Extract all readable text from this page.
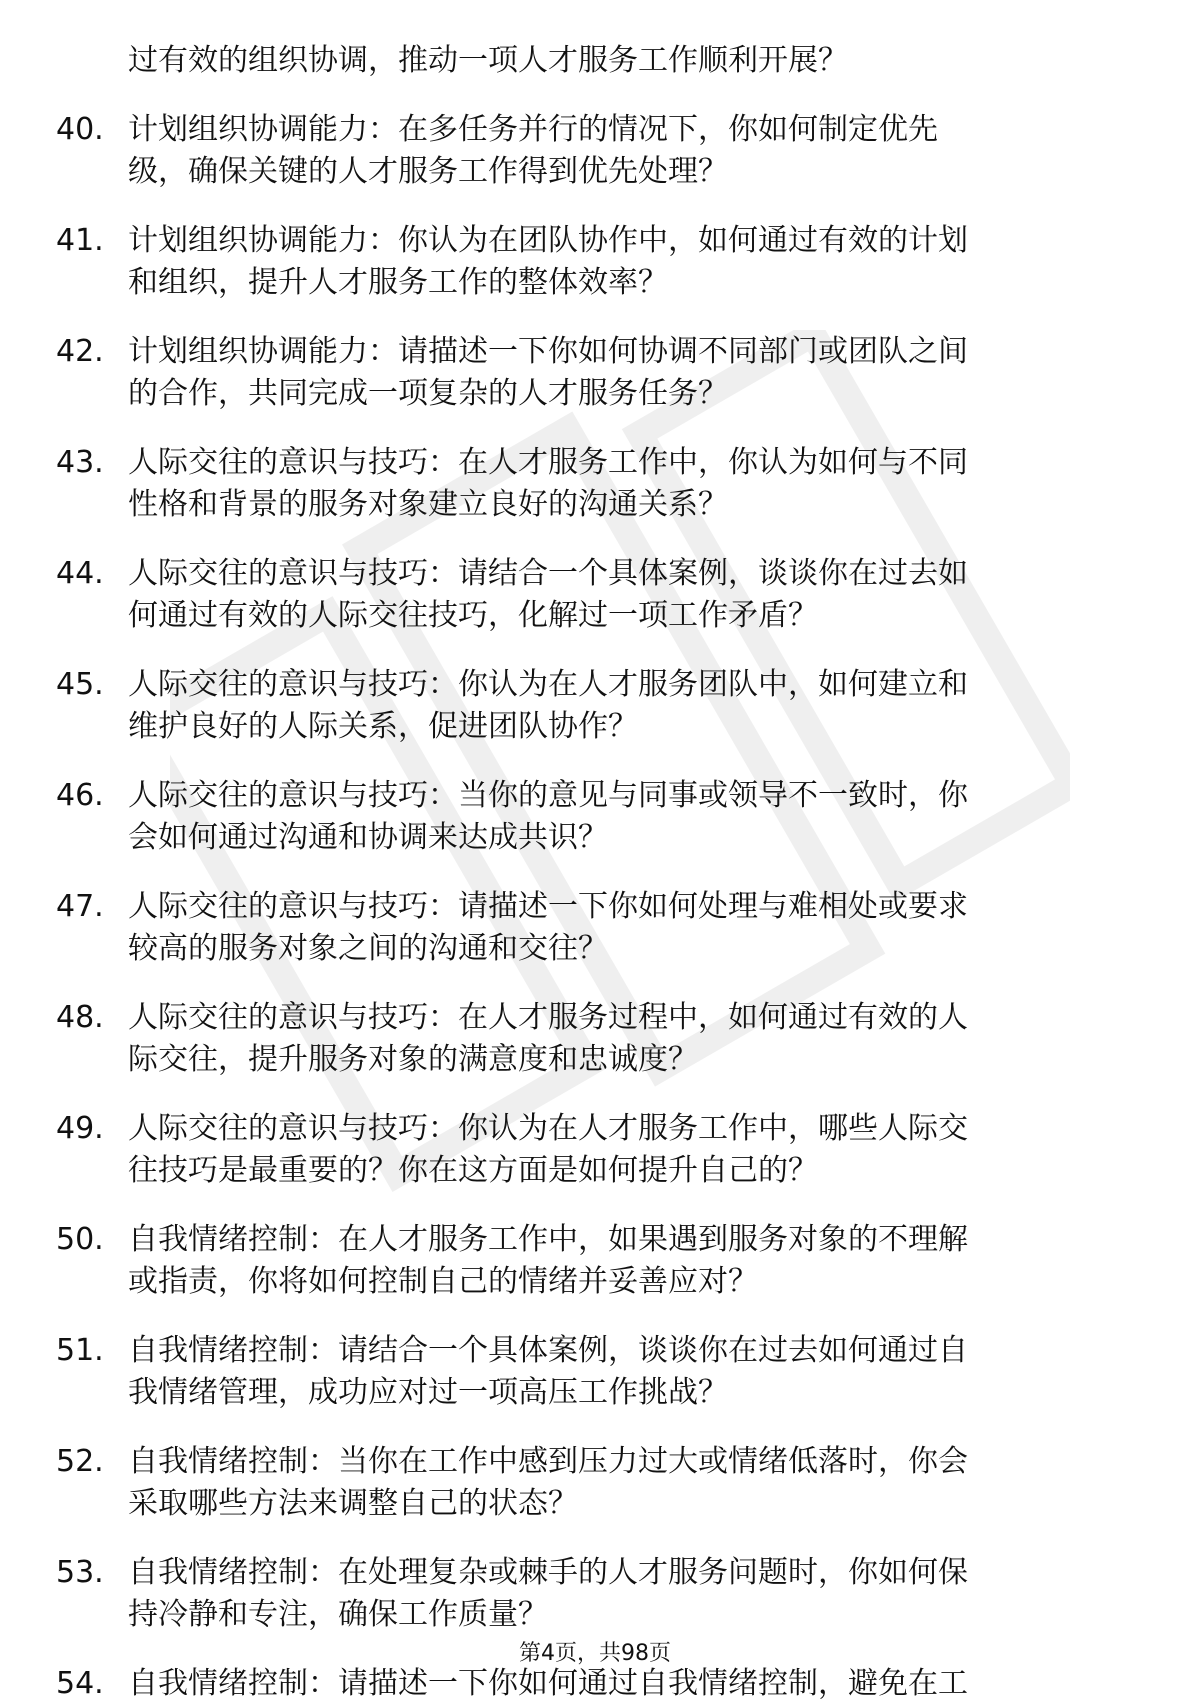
过有效的组织协调，推动一项人才服务工作顺利开展？
40. 计划组织协调能力：在多任务并行的情况下，你如何制定优先
级，确保关键的人才服务工作得到优先处理？
41. 计划组织协调能力：你认为在团队协作中，如何通过有效的计划
和组织，提升人才服务工作的整体效率？
42. 计划组织协调能力：请描述一下你如何协调不同部门或团队之间
的合作，共同完成一项复杂的人才服务任务？
43. 人际交往的意识与技巧：在人才服务工作中，你认为如何与不同
性格和背景的服务对象建立良好的沟通关系？
44. 人际交往的意识与技巧：请结合一个具体案例，谈谈你在过去如
何通过有效的人际交往技巧，化解过一项工作矛盾？
45. 人际交往的意识与技巧：你认为在人才服务团队中，如何建立和
维护良好的人际关系，促进团队协作？
46. 人际交往的意识与技巧：当你的意见与同事或领导不一致时，你
会如何通过沟通和协调来达成共识？
47. 人际交往的意识与技巧：请描述一下你如何处理与难相处或要求
较高的服务对象之间的沟通和交往？
48. 人际交往的意识与技巧：在人才服务过程中，如何通过有效的人
际交往，提升服务对象的满意度和忠诚度？
49. 人际交往的意识与技巧：你认为在人才服务工作中，哪些人际交
往技巧是最重要的？你在这方面是如何提升自己的？
50. 自我情绪控制：在人才服务工作中，如果遇到服务对象的不理解
或指责，你将如何控制自己的情绪并妥善应对？
51. 自我情绪控制：请结合一个具体案例，谈谈你在过去如何通过自
我情绪管理，成功应对过一项高压工作挑战？
52. 自我情绪控制：当你在工作中感到压力过大或情绪低落时，你会
采取哪些方法来调整自己的状态？
53. 自我情绪控制：在处理复杂或棘手的人才服务问题时，你如何保
持冷静和专注，确保工作质量？
54. 自我情绪控制：请描述一下你如何通过自我情绪控制，避免在工
第4页，共98页
